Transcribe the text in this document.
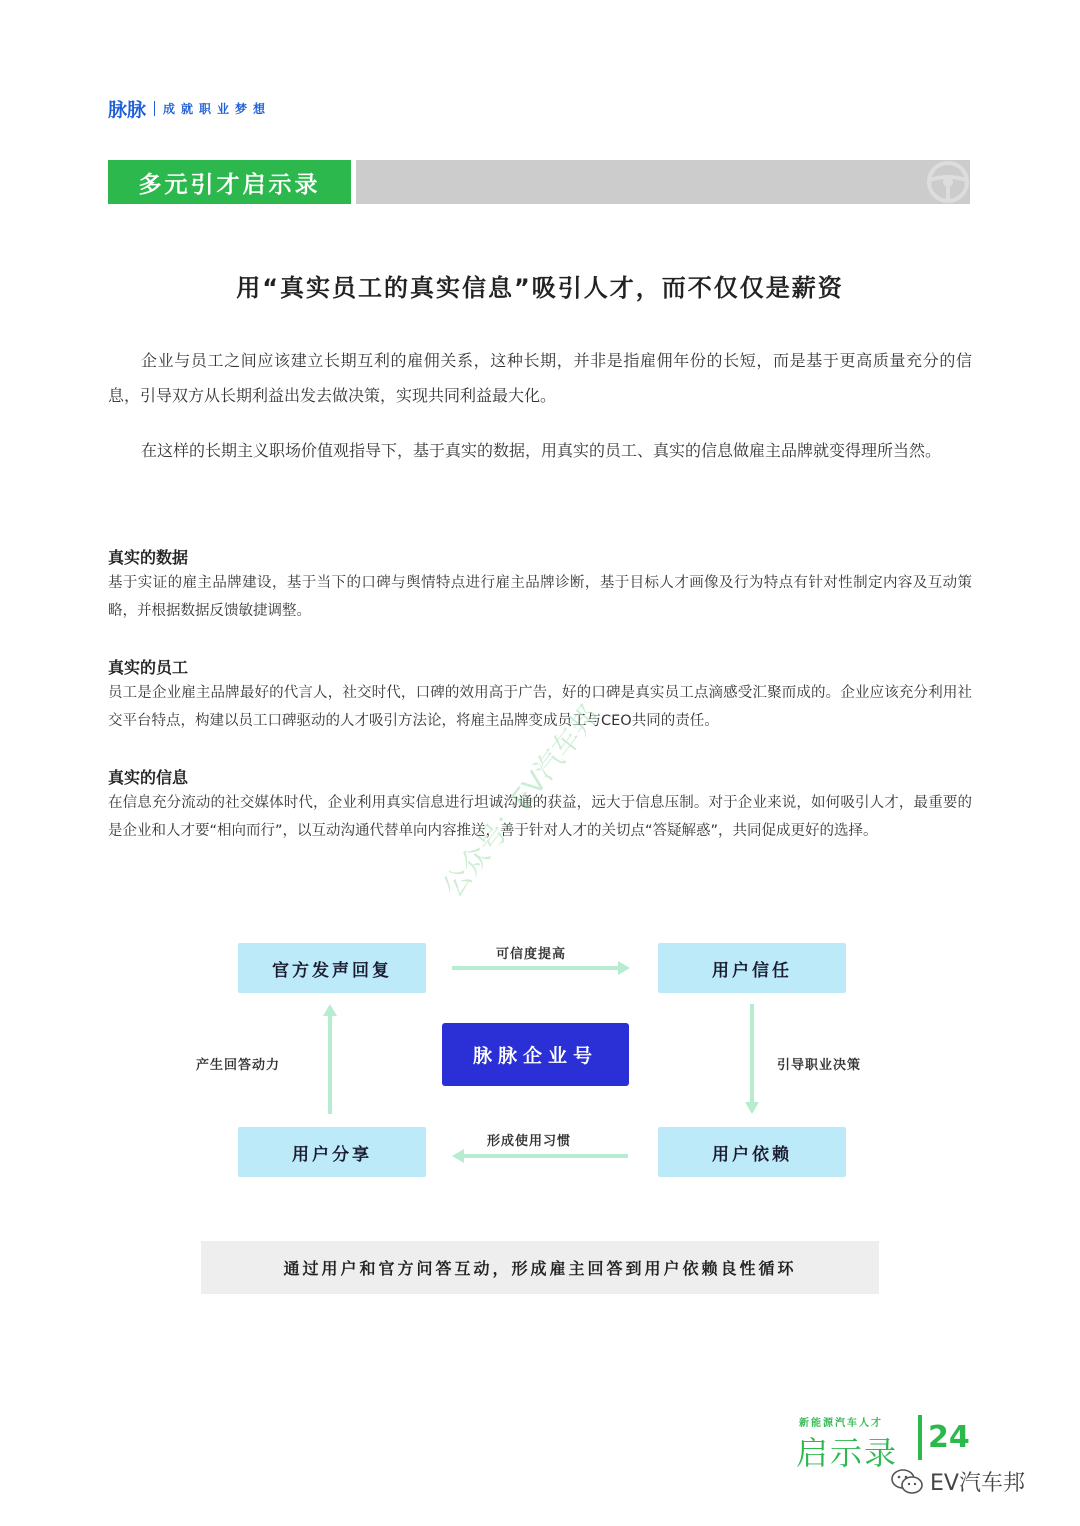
脉脉 成就职业梦想
多元引才启示录
用“真实员工的真实信息”吸引人才，而不仅仅是薪资
企业与员工之间应该建立长期互利的雇佣关系，这种长期，并非是指雇佣年份的长短，而是基于更高质量充分的信息，引导双方从长期利益出发去做决策，实现共同利益最大化。
在这样的长期主义职场价值观指导下，基于真实的数据，用真实的员工、真实的信息做雇主品牌就变得理所当然。
真实的数据
基于实证的雇主品牌建设，基于当下的口碑与舆情特点进行雇主品牌诊断，基于目标人才画像及行为特点有针对性制定内容及互动策略，并根据数据反馈敏捷调整。
真实的员工
员工是企业雇主品牌最好的代言人，社交时代，口碑的效用高于广告，好的口碑是真实员工点滴感受汇聚而成的。企业应该充分利用社交平台特点，构建以员工口碑驱动的人才吸引方法论，将雇主品牌变成员工与CEO共同的责任。
真实的信息
在信息充分流动的社交媒体时代，企业利用真实信息进行坦诚沟通的获益，远大于信息压制。对于企业来说，如何吸引人才，最重要的是企业和人才要“相向而行”，以互动沟通代替单向内容推送，善于针对人才的关切点“答疑解惑”，共同促成更好的选择。
公众号：EV汽车邦
官方发声回复	用户信任
用户依赖
用户分享
脉脉企业号
可信度提高
引导职业决策
形成使用习惯
产生回答动力
通过用户和官方问答互动，形成雇主回答到用户依赖良性循环
新能源汽车人才
启示录 24
EV汽车邦
